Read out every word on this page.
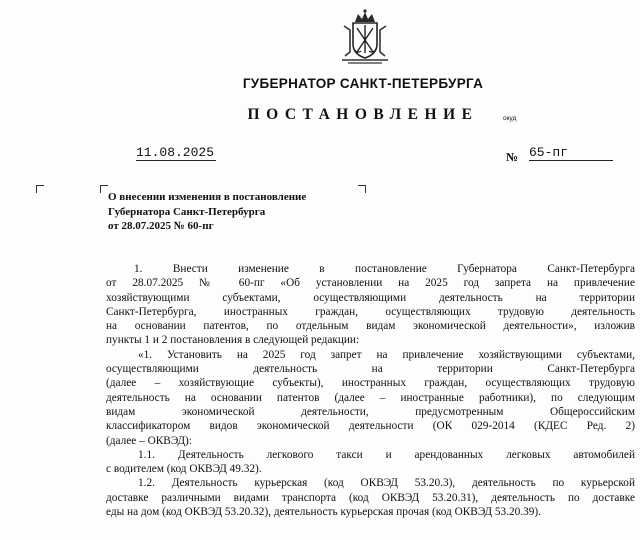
ГУБЕРНАТОР САНКТ-ПЕТЕРБУРГА
ПОСТАНОВЛЕНИЕ	окуд
11.08.2025	№ 65-пг
О внесении изменения в постановление
Губернатора Санкт-Петербурга
от 28.07.2025 № 60-пг
1. Внести изменение в постановление Губернатора Санкт-Петербурга
от 28.07.2025 № 60-пг «Об установлении на 2025 год запрета на привлечение
хозяйствующими субъектами, осуществляющими деятельность на территории
Санкт-Петербурга, иностранных граждан, осуществляющих трудовую деятельность
на основании патентов, по отдельным видам экономической деятельности», изложив
пункты 1 и 2 постановления в следующей редакции:
«1. Установить на 2025 год запрет на привлечение хозяйствующими субъектами,
осуществляющими деятельность на территории Санкт-Петербурга
(далее – хозяйствующие субъекты), иностранных граждан, осуществляющих трудовую
деятельность на основании патентов (далее – иностранные работники), по следующим
видам экономической деятельности, предусмотренным Общероссийским
классификатором видов экономической деятельности (ОК 029-2014 (КДЕС Ред. 2)
(далее – ОКВЭД):
1.1. Деятельность легкового такси и арендованных легковых автомобилей
с водителем (код ОКВЭД 49.32).
1.2. Деятельность курьерская (код ОКВЭД 53.20.3), деятельность по курьерской
доставке различными видами транспорта (код ОКВЭД 53.20.31), деятельность по доставке
еды на дом (код ОКВЭД 53.20.32), деятельность курьерская прочая (код ОКВЭД 53.20.39).
